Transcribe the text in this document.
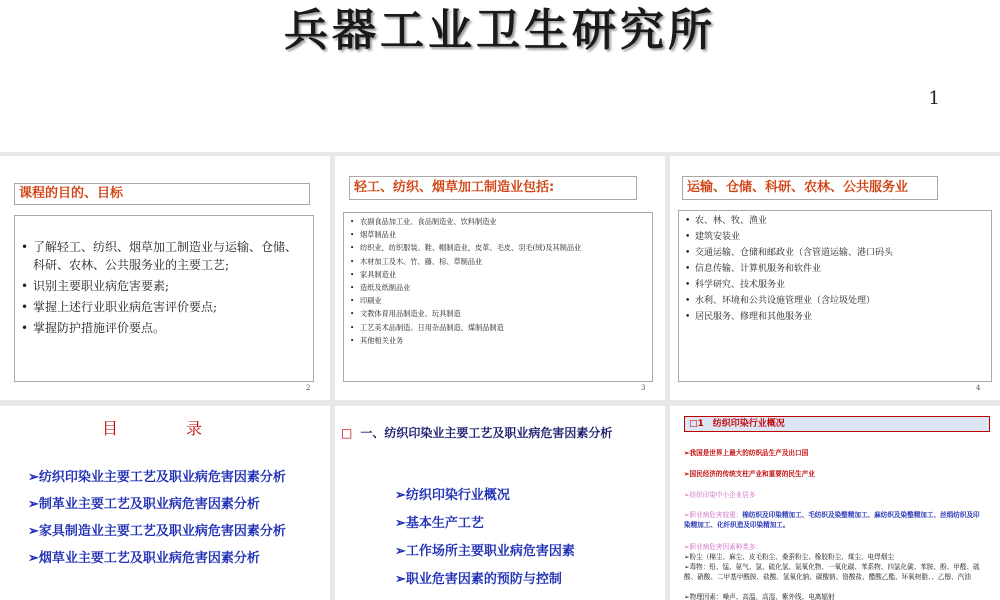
兵器工业卫生研究所
1
课程的目的、目标
• 了解轻工、纺织、烟草加工制造业与运输、仓储、科研、农林、公共服务业的主要工艺;
• 识别主要职业病危害要素;
• 掌握上述行业职业病危害评价要点;
• 掌握防护措施评价要点。
2
轻工、纺织、烟草加工制造业包括:
• 农副食品加工业、食品制造业、饮料制造业
• 烟草制品业
• 纺织业，纺织服装、鞋、帽制造业，皮革、毛皮、羽毛(绒)及其制品业
• 木材加工及木、竹、藤、棕、草制品业
• 家具制造业
• 造纸及纸制品业
• 印刷业
• 文教体育用品制造业、玩具制造
• 工艺美术品制造、日用杂品制造、煤制品制造
• 其他相关业务
3
运输、仓储、科研、农林、公共服务业
• 农、林、牧、渔业
• 建筑安装业
• 交通运输、仓储和邮政业（含管道运输、港口码头
• 信息传输、计算机服务和软件业
• 科学研究、技术服务业
• 水利、环境和公共设施管理业（含垃圾处理）
• 居民服务、修理和其他服务业
4
目　录
➢纺织印染业主要工艺及职业病危害因素分析
➢制革业主要工艺及职业病危害因素分析
➢家具制造业主要工艺及职业病危害因素分析
➢烟草业主要工艺及职业病危害因素分析
□ 一、纺织印染业主要工艺及职业病危害因素分析
➢纺织印染行业概况
➢基本生产工艺
➢工作场所主要职业病危害因素
➢职业危害因素的预防与控制
□1　纺织印染行业概况
➢我国是世界上最大的纺织品生产及出口国
➢国民经济的传统支柱产业和重要的民生产业
➢纺织印染中小企业居多
➢职业病危害较重：棉纺织及印染精加工、毛纺织及染整精加工、麻纺织及染整精加工、丝绢纺织及印染精加工、化纤织造及印染精加工。
➢职业病危害因素种类多：
➢粉尘（棉尘、麻尘、皮毛粉尘、桑蚕粉尘、橡胶粉尘、煤尘、电焊烟尘
➢毒物：铅、锰、氨气、氯、硫化氢、氮氧化物、一氧化碳、苯系物、四氯化碳、苯胺、酚、甲醛、硫酸、硝酸、二甲基甲酰胺、盐酸、氢氧化钠、碳酸钠、铬酸盐、醋酸乙酯、环氧树脂、、乙醇、汽油
➢物理因素：噪声、高温、高湿、紫外线、电离辐射
